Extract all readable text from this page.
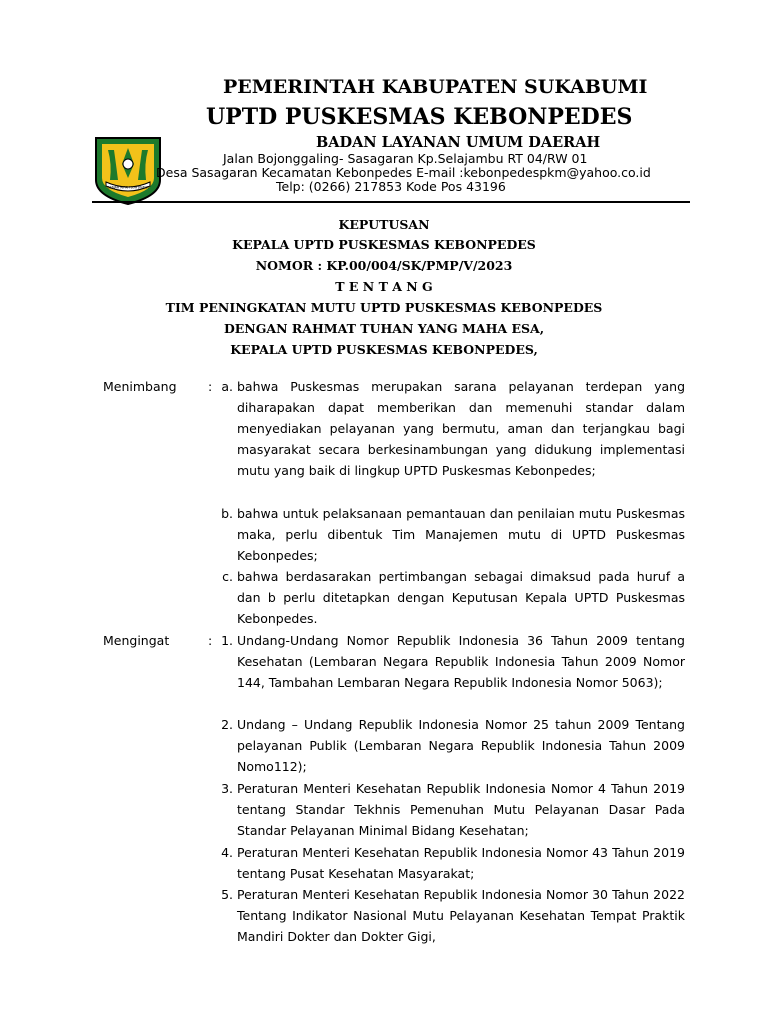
GEMAH RIPAH LOH JINAWI
PEMERINTAH KABUPATEN SUKABUMI
UPTD PUSKESMAS KEBONPEDES
BADAN LAYANAN UMUM DAERAH
Jalan Bojonggaling- Sasagaran Kp.Selajambu RT 04/RW 01
Desa Sasagaran Kecamatan Kebonpedes E-mail :kebonpedespkm@yahoo.co.id
Telp: (0266) 217853 Kode Pos 43196
KEPUTUSAN
KEPALA UPTD PUSKESMAS KEBONPEDES
NOMOR : KP.00/004/SK/PMP/V/2023
T E N T A N G
TIM PENINGKATAN MUTU UPTD PUSKESMAS KEBONPEDES
DENGAN RAHMAT TUHAN YANG MAHA ESA,
KEPALA UPTD PUSKESMAS KEBONPEDES,
Menimbang	: a. bahwa Puskesmas merupakan sarana pelayanan terdepan yang diharapakan dapat memberikan dan memenuhi standar dalam menyediakan pelayanan yang bermutu, aman dan terjangkau bagi masyarakat secara berkesinambungan yang didukung implementasi mutu yang baik di lingkup UPTD Puskesmas Kebonpedes;
b. bahwa untuk pelaksanaan pemantauan dan penilaian mutu Puskesmas maka, perlu dibentuk Tim Manajemen mutu di UPTD Puskesmas Kebonpedes;
c. bahwa berdasarakan pertimbangan sebagai dimaksud pada huruf a dan b perlu ditetapkan dengan Keputusan Kepala UPTD Puskesmas Kebonpedes.
Mengingat	: 1. Undang-Undang Nomor Republik Indonesia 36 Tahun 2009 tentang Kesehatan (Lembaran Negara Republik Indonesia Tahun 2009 Nomor 144, Tambahan Lembaran Negara Republik Indonesia Nomor 5063);
2. Undang – Undang Republik Indonesia Nomor 25 tahun 2009 Tentang pelayanan Publik (Lembaran Negara Republik Indonesia Tahun 2009 Nomo112);
3. Peraturan Menteri Kesehatan Republik Indonesia Nomor 4 Tahun 2019 tentang Standar Tekhnis Pemenuhan Mutu Pelayanan Dasar Pada Standar Pelayanan Minimal Bidang Kesehatan;
4. Peraturan Menteri Kesehatan Republik Indonesia Nomor 43 Tahun 2019 tentang Pusat Kesehatan Masyarakat;
5. Peraturan Menteri Kesehatan Republik Indonesia Nomor 30 Tahun 2022 Tentang Indikator Nasional Mutu Pelayanan Kesehatan Tempat Praktik Mandiri Dokter dan Dokter Gigi,
